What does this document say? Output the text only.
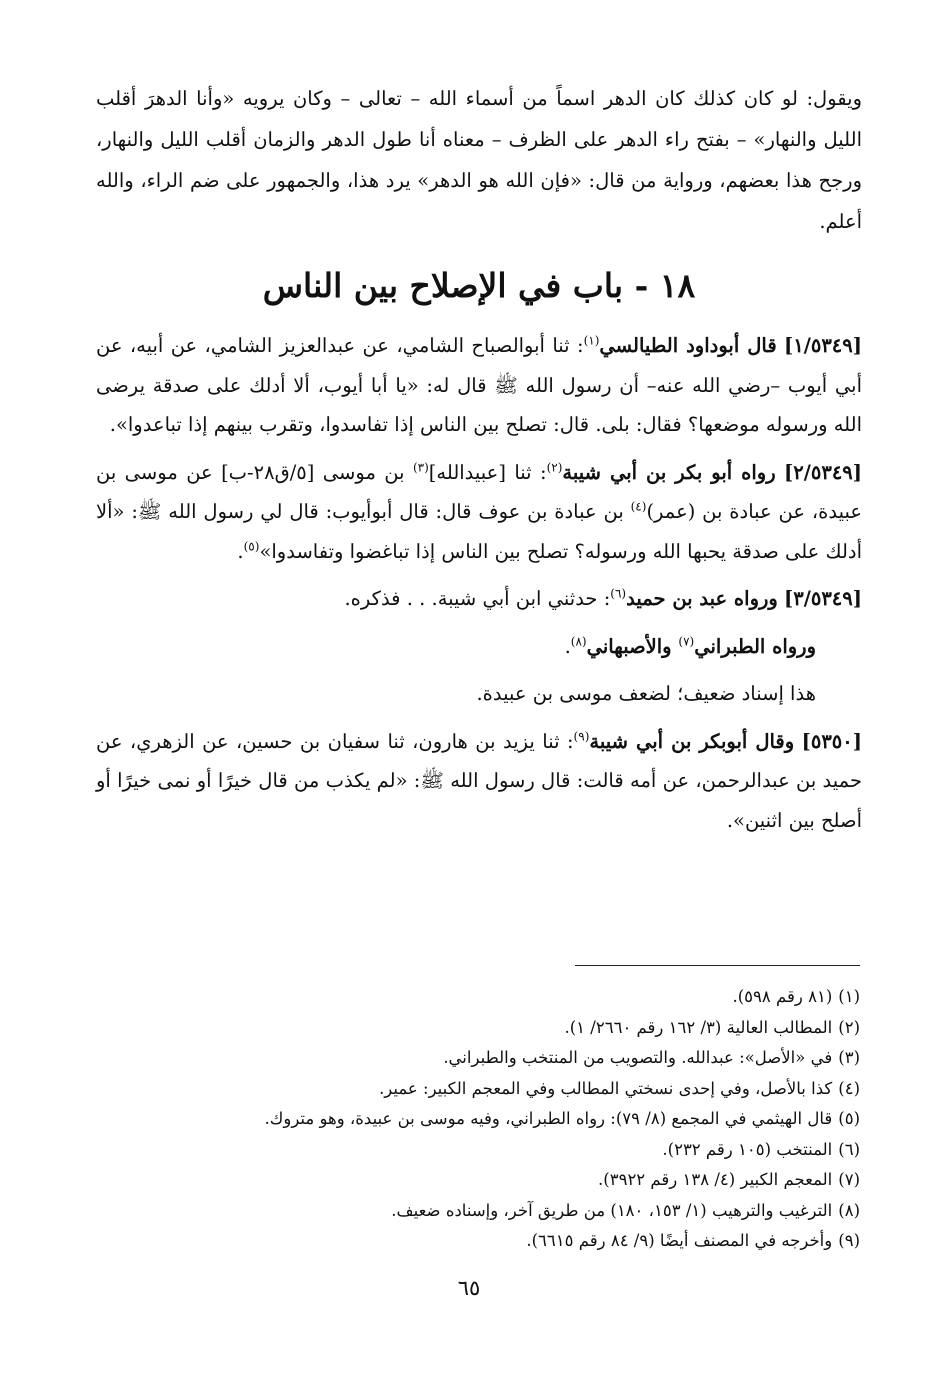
ويقول: لو كان كذلك كان الدهر اسماً من أسماء الله – تعالى – وكان يرويه «وأنا الدهرَ أقلب الليل والنهار» – بفتح راء الدهر على الظرف – معناه أنا طول الدهر والزمان أقلب الليل والنهار، ورجح هذا بعضهم، ورواية من قال: «فإن الله هو الدهر» يرد هذا، والجمهور على ضم الراء، والله أعلم.

١٨ - باب في الإصلاح بين الناس

[١/٥٣٤٩] قال أبوداود الطيالسي$^{(١)}$: ثنا أبوالصباح الشامي، عن عبدالعزيز الشامي، عن أبيه، عن أبي أيوب –رضي الله عنه– أن رسول الله ﷺ قال له: «يا أبا أيوب، ألا أدلك على صدقة يرضى الله ورسوله موضعها؟ فقال: بلى. قال: تصلح بين الناس إذا تفاسدوا، وتقرب بينهم إذا تباعدوا».

[٢/٥٣٤٩] رواه أبو بكر بن أبي شيبة$^{(٢)}$: ثنا [عبيدالله]$^{(٣)}$ بن موسى [٥/ق٢٨-ب] عن موسى بن عبيدة، عن عبادة بن (عمر)$^{(٤)}$ بن عبادة بن عوف قال: قال أبوأيوب: قال لي رسول الله ﷺ: «ألا أدلك على صدقة يحبها الله ورسوله؟ تصلح بين الناس إذا تباغضوا وتفاسدوا»$^{(٥)}$.

[٣/٥٣٤٩] ورواه عبد بن حميد$^{(٦)}$: حدثني ابن أبي شيبة. . . فذكره.

ورواه الطبراني$^{(٧)}$ والأصبهاني$^{(٨)}$.

هذا إسناد ضعيف؛ لضعف موسى بن عبيدة.

[٥٣٥٠] وقال أبوبكر بن أبي شيبة$^{(٩)}$: ثنا يزيد بن هارون، ثنا سفيان بن حسين، عن الزهري، عن حميد بن عبدالرحمن، عن أمه قالت: قال رسول الله ﷺ: «لم يكذب من قال خيرًا أو نمى خيرًا أو أصلح بين اثنين».

(١)(٨١ رقم ٥٩٨).

(٢)المطالب العالية (٣/ ١٦٢ رقم ٢٦٦٠/ ١).

(٣)في «الأصل»: عبدالله. والتصويب من المنتخب والطبراني.

(٤)كذا بالأصل، وفي إحدى نسختي المطالب وفي المعجم الكبير: عمير.

(٥)قال الهيثمي في المجمع (٨/ ٧٩): رواه الطبراني، وفيه موسى بن عبيدة، وهو متروك.

(٦)المنتخب (١٠٥ رقم ٢٣٢).

(٧)المعجم الكبير (٤/ ١٣٨ رقم ٣٩٢٢).

(٨)الترغيب والترهيب (١/ ١٥٣، ١٨٠) من طريق آخر، وإسناده ضعيف.

(٩)وأخرجه في المصنف أيضًا (٩/ ٨٤ رقم ٦٦١٥).

٦٥
